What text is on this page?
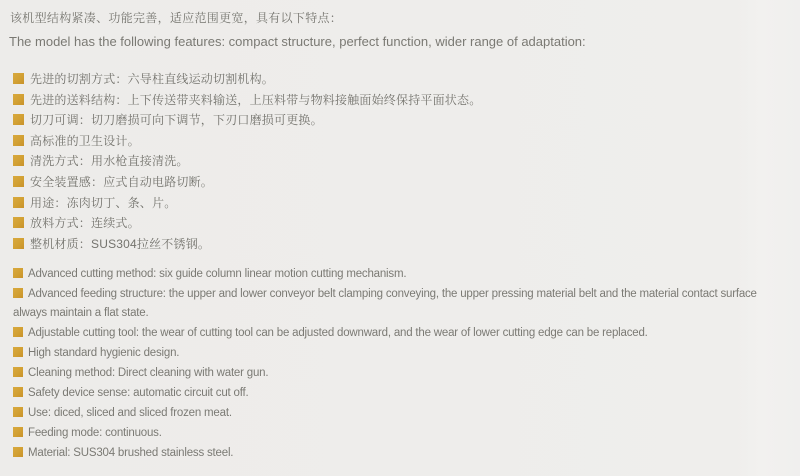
该机型结构紧凑、功能完善，适应范围更宽，具有以下特点：

The model has the following features: compact structure, perfect function, wider range of adaptation:

先进的切割方式：六导柱直线运动切割机构。
先进的送料结构：上下传送带夹料输送，上压料带与物料接触面始终保持平面状态。
切刀可调：切刀磨损可向下调节，下刃口磨损可更换。
高标准的卫生设计。
清洗方式：用水枪直接清洗。
安全装置感：应式自动电路切断。
用途：冻肉切丁、条、片。
放料方式：连续式。
整机材质：SUS304拉丝不锈钢。
Advanced cutting method: six guide column linear motion cutting mechanism.
Advanced feeding structure: the upper and lower conveyor belt clamping conveying, the upper pressing material belt and the material contact surface always maintain a flat state.
Adjustable cutting tool: the wear of cutting tool can be adjusted downward, and the wear of lower cutting edge can be replaced.
High standard hygienic design.
Cleaning method: Direct cleaning with water gun.
Safety device sense: automatic circuit cut off.
Use: diced, sliced and sliced frozen meat.
Feeding mode: continuous.
Material: SUS304 brushed stainless steel.
